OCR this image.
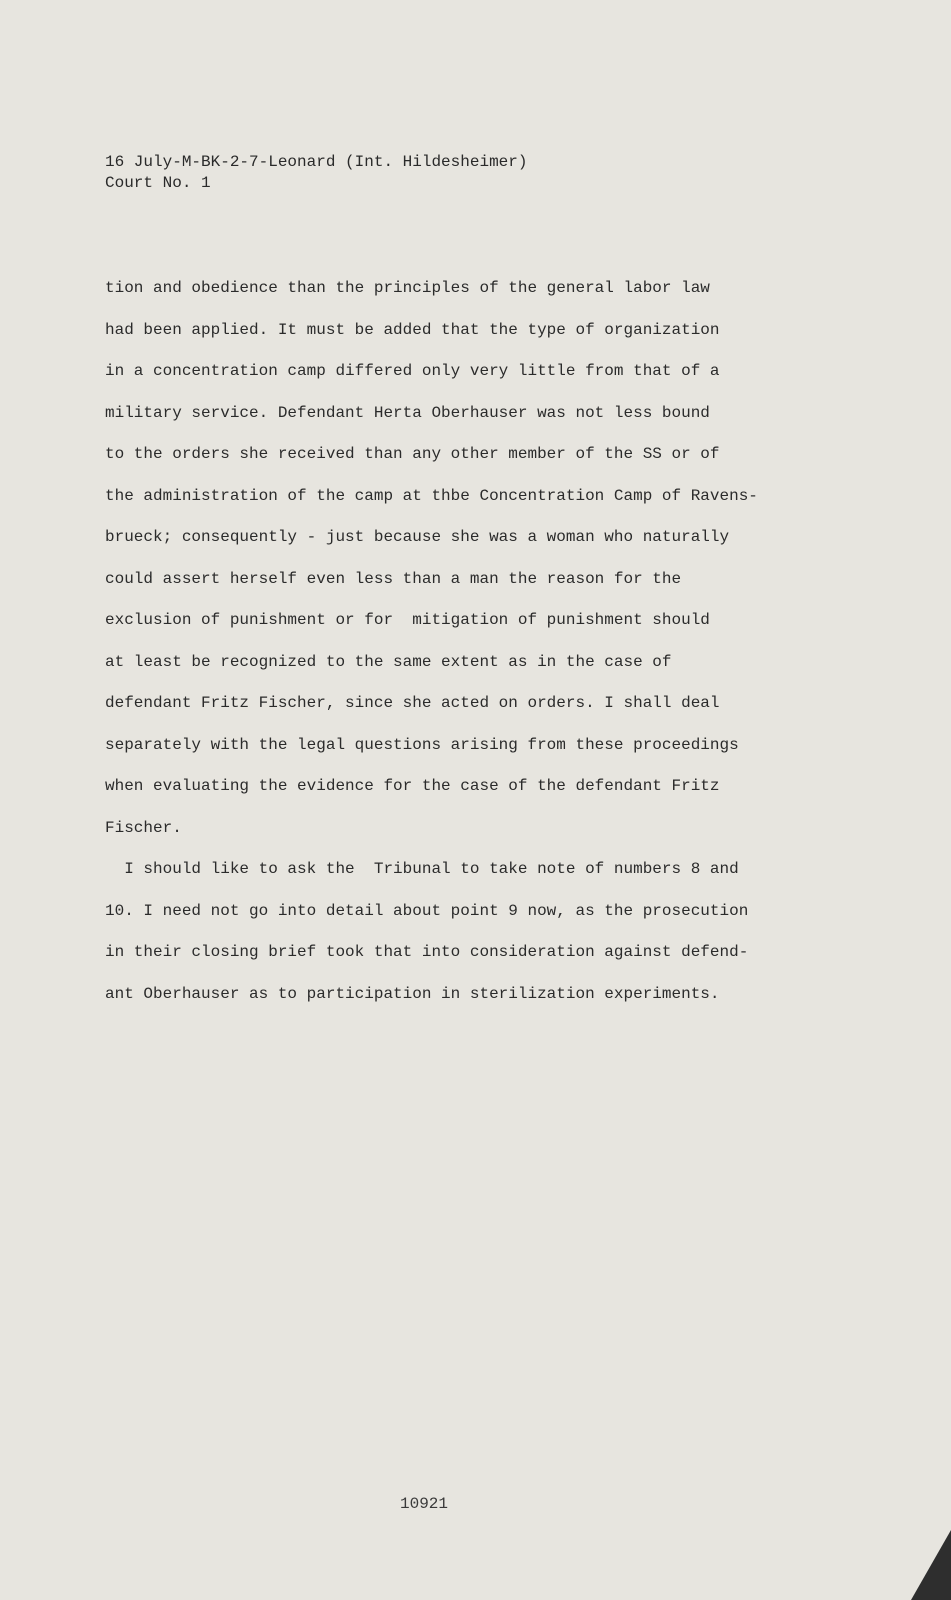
16 July-M-BK-2-7-Leonard (Int. Hildesheimer)
Court No. 1
tion and obedience than the principles of the general labor law
had been applied. It must be added that the type of organization
in a concentration camp differed only very little from that of a
military service. Defendant Herta Oberhauser was not less bound
to the orders she received than any other member of the SS or of
the administration of the camp at thbe Concentration Camp of Ravens-
brueck; consequently - just because she was a woman who naturally
could assert herself even less than a man the reason for the
exclusion of punishment or for  mitigation of punishment should
at least be recognized to the same extent as in the case of
defendant Fritz Fischer, since she acted on orders. I shall deal
separately with the legal questions arising from these proceedings
when evaluating the evidence for the case of the defendant Fritz
Fischer.
I should like to ask the  Tribunal to take note of numbers 8 and
10. I need not go into detail about point 9 now, as the prosecution
in their closing brief took that into consideration against defend-
ant Oberhauser as to participation in sterilization experiments.
10921
